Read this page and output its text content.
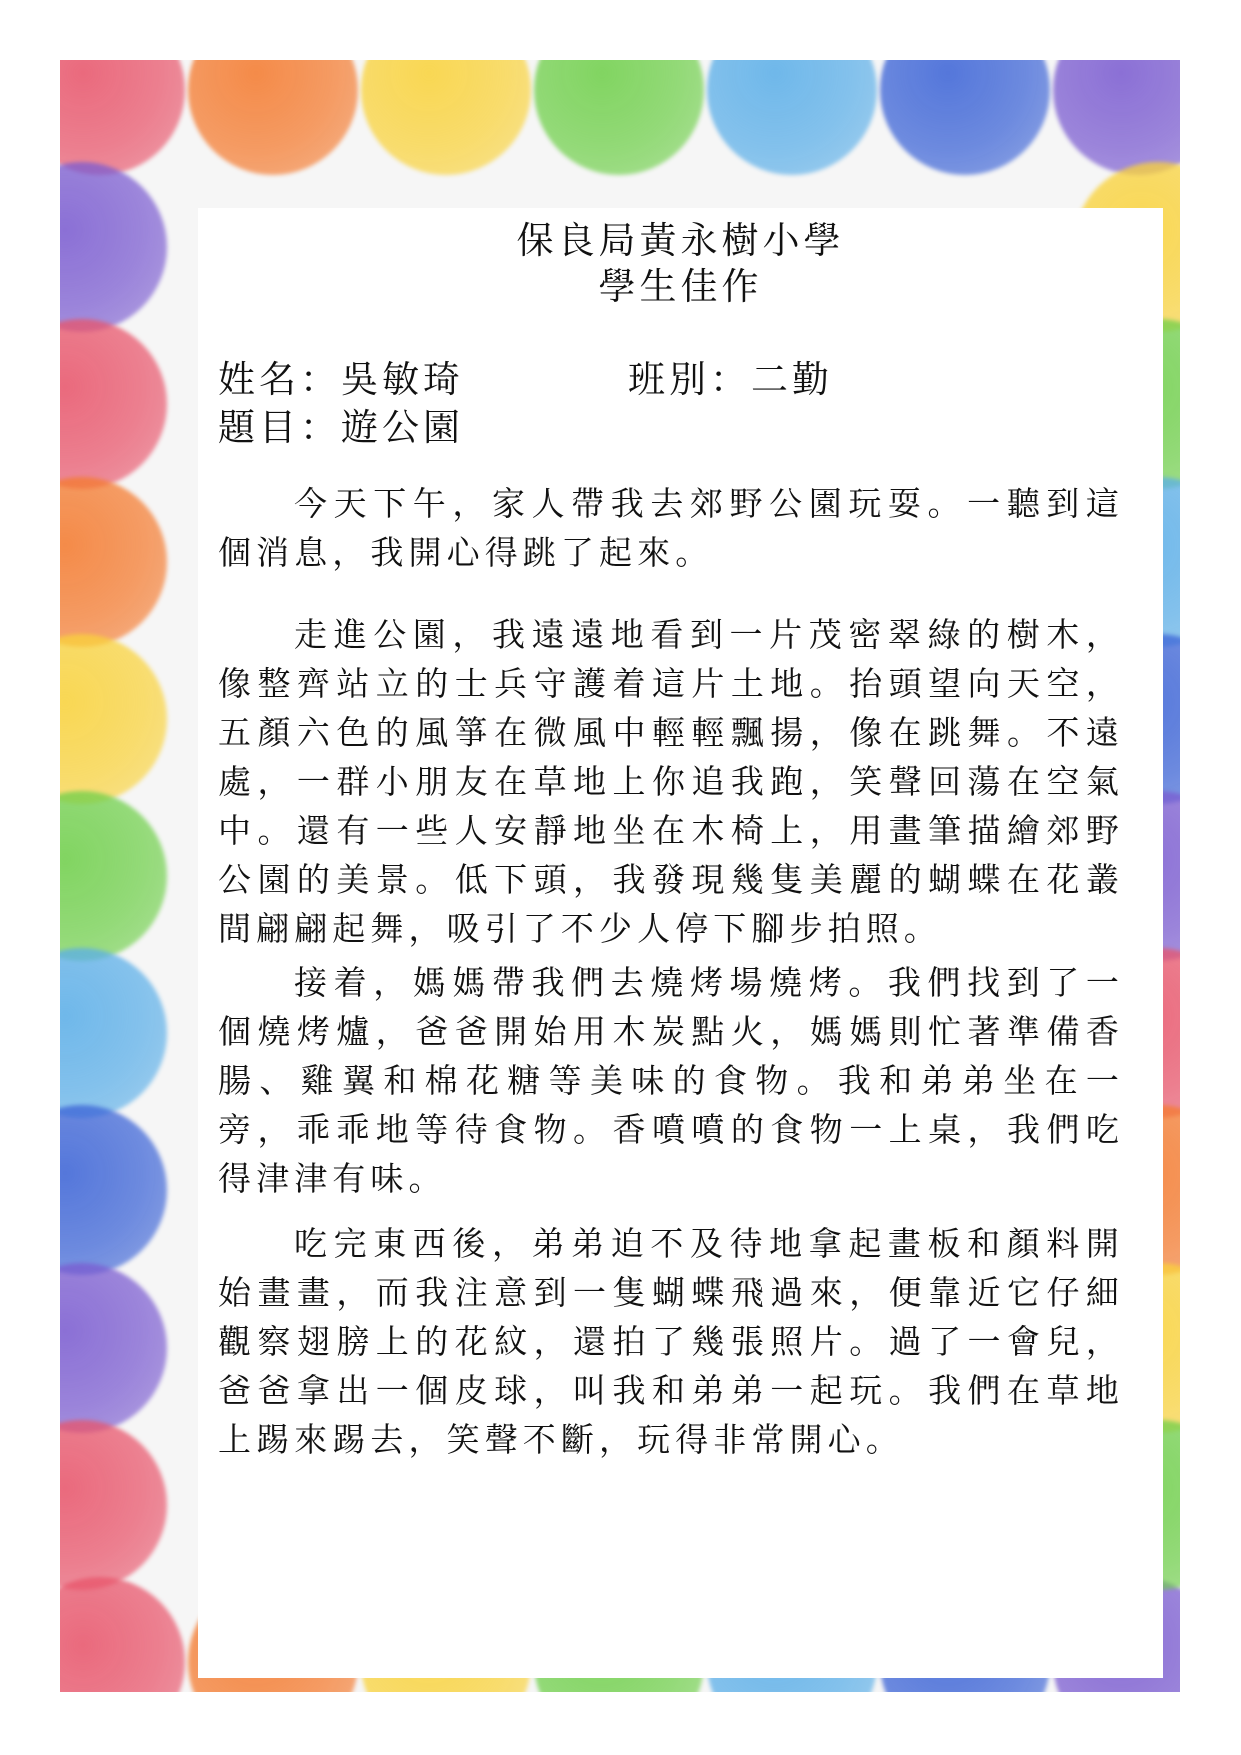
保良局黃永樹小學
學生佳作
姓名：吳敏琦	班別：二勤
題目：遊公園

今天下午，家人帶我去郊野公園玩耍。一聽到這個消息，我開心得跳了起來。

走進公園，我遠遠地看到一片茂密翠綠的樹木，像整齊站立的士兵守護着這片土地。抬頭望向天空，五顏六色的風箏在微風中輕輕飄揚，像在跳舞。不遠處，一群小朋友在草地上你追我跑，笑聲回蕩在空氣中。還有一些人安靜地坐在木椅上，用畫筆描繪郊野公園的美景。低下頭，我發現幾隻美麗的蝴蝶在花叢間翩翩起舞，吸引了不少人停下腳步拍照。

接着，媽媽帶我們去燒烤場燒烤。我們找到了一個燒烤爐，爸爸開始用木炭點火，媽媽則忙著準備香腸、雞翼和棉花糖等美味的食物。我和弟弟坐在一旁，乖乖地等待食物。香噴噴的食物一上桌，我們吃得津津有味。

吃完東西後，弟弟迫不及待地拿起畫板和顏料開始畫畫，而我注意到一隻蝴蝶飛過來，便靠近它仔細觀察翅膀上的花紋，還拍了幾張照片。過了一會兒，爸爸拿出一個皮球，叫我和弟弟一起玩。我們在草地上踢來踢去，笑聲不斷，玩得非常開心。
